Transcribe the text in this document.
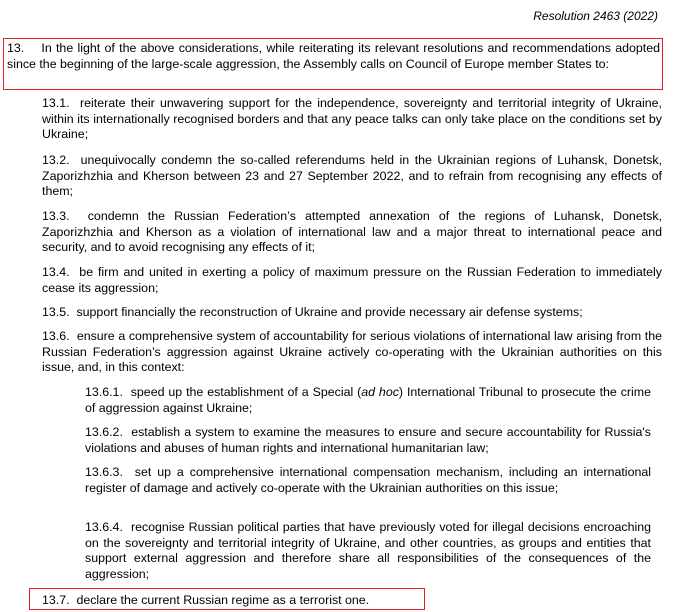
Resolution 2463 (2022)

13. In the light of the above considerations, while reiterating its relevant resolutions and recommendations adopted since the beginning of the large-scale aggression, the Assembly calls on Council of Europe member States to:

13.1. reiterate their unwavering support for the independence, sovereignty and territorial integrity of Ukraine, within its internationally recognised borders and that any peace talks can only take place on the conditions set by Ukraine;

13.2. unequivocally condemn the so-called referendums held in the Ukrainian regions of Luhansk, Donetsk, Zaporizhzhia and Kherson between 23 and 27 September 2022, and to refrain from recognising any effects of them;

13.3. condemn the Russian Federation’s attempted annexation of the regions of Luhansk, Donetsk, Zaporizhzhia and Kherson as a violation of international law and a major threat to international peace and security, and to avoid recognising any effects of it;

13.4. be firm and united in exerting a policy of maximum pressure on the Russian Federation to immediately cease its aggression;

13.5. support financially the reconstruction of Ukraine and provide necessary air defense systems;

13.6. ensure a comprehensive system of accountability for serious violations of international law arising from the Russian Federation’s aggression against Ukraine actively co-operating with the Ukrainian authorities on this issue, and, in this context:

13.6.1. speed up the establishment of a Special (ad hoc) International Tribunal to prosecute the crime of aggression against Ukraine;

13.6.2. establish a system to examine the measures to ensure and secure accountability for Russia's violations and abuses of human rights and international humanitarian law;

13.6.3. set up a comprehensive international compensation mechanism, including an international register of damage and actively co-operate with the Ukrainian authorities on this issue;

13.6.4. recognise Russian political parties that have previously voted for illegal decisions encroaching on the sovereignty and territorial integrity of Ukraine, and other countries, as groups and entities that support external aggression and therefore share all responsibilities of the consequences of the aggression;

13.7. declare the current Russian regime as a terrorist one.
